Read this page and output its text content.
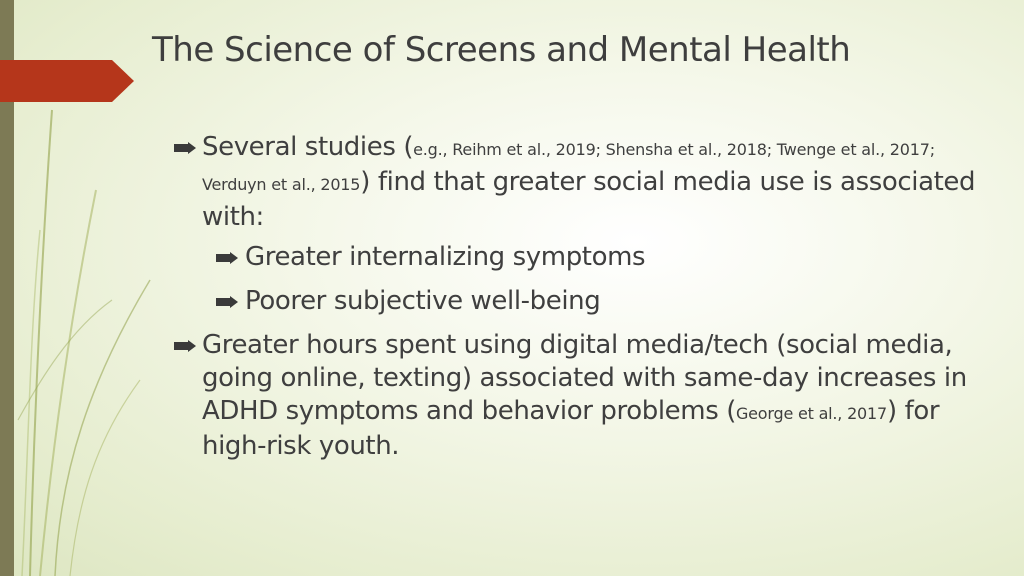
The Science of Screens and Mental Health
Several studies (e.g., Reihm et al., 2019; Shensha et al., 2018; Twenge et al., 2017; Verduyn et al., 2015) find that greater social media use is associated with:
Greater internalizing symptoms
Poorer subjective well-being
Greater hours spent using digital media/tech (social media, going online, texting) associated with same-day increases in ADHD symptoms and behavior problems (George et al., 2017) for high-risk youth.
